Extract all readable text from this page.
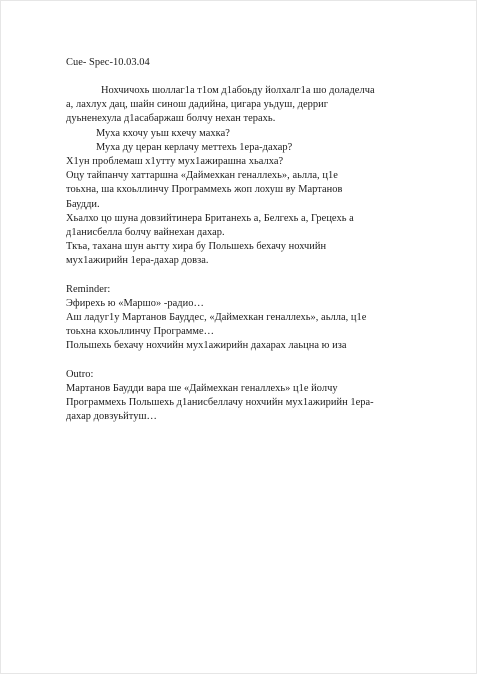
Cue- Spec-10.03.04
Нохчичохь шоллаг1а т1ом д1абоьду йолхалг1а шо доладелча
а, лахлух дац, шайн синош дадийна, цигара уьдуш, дерриг
дуьненехула д1асабаржаш болчу нехан терахь.
Муха кхочу уьш кхечу махка?
Муха ду церан керлачу меттехь 1ера-дахар?
Х1ун проблемаш х1утту мух1ажирашна хьалха?
Оцу тайпанчу хаттаршна «Даймехкан геналлехь», аьлла, ц1е
тоьхна, ша кхоьллинчу Программехь жоп лохуш ву Мартанов
Баудди.
Хьалхо цо шуна довзийтинера Британехь а, Белгехь а, Грецехь а
д1анисбелла болчу вайнехан дахар.
Ткъа, тахана шун аьтту хира бу Польшехь бехачу нохчийн
мух1ажирийн 1ера-дахар довза.
Reminder:
Эфирехь ю «Маршо» -радио…
Аш ладуг1у Мартанов Бауддес, «Даймехкан геналлехь», аьлла, ц1е
тоьхна кхоьллинчу Программе…
Польшехь бехачу нохчийн мух1ажирийн дахарах лаьцна ю иза
Outro:
Мартанов Баудди вара ше «Даймехкан геналлехь» ц1е йолчу
Программехь Польшехь д1анисбеллачу нохчийн мух1ажирийн 1ера-
дахар довзуьйтуш…
